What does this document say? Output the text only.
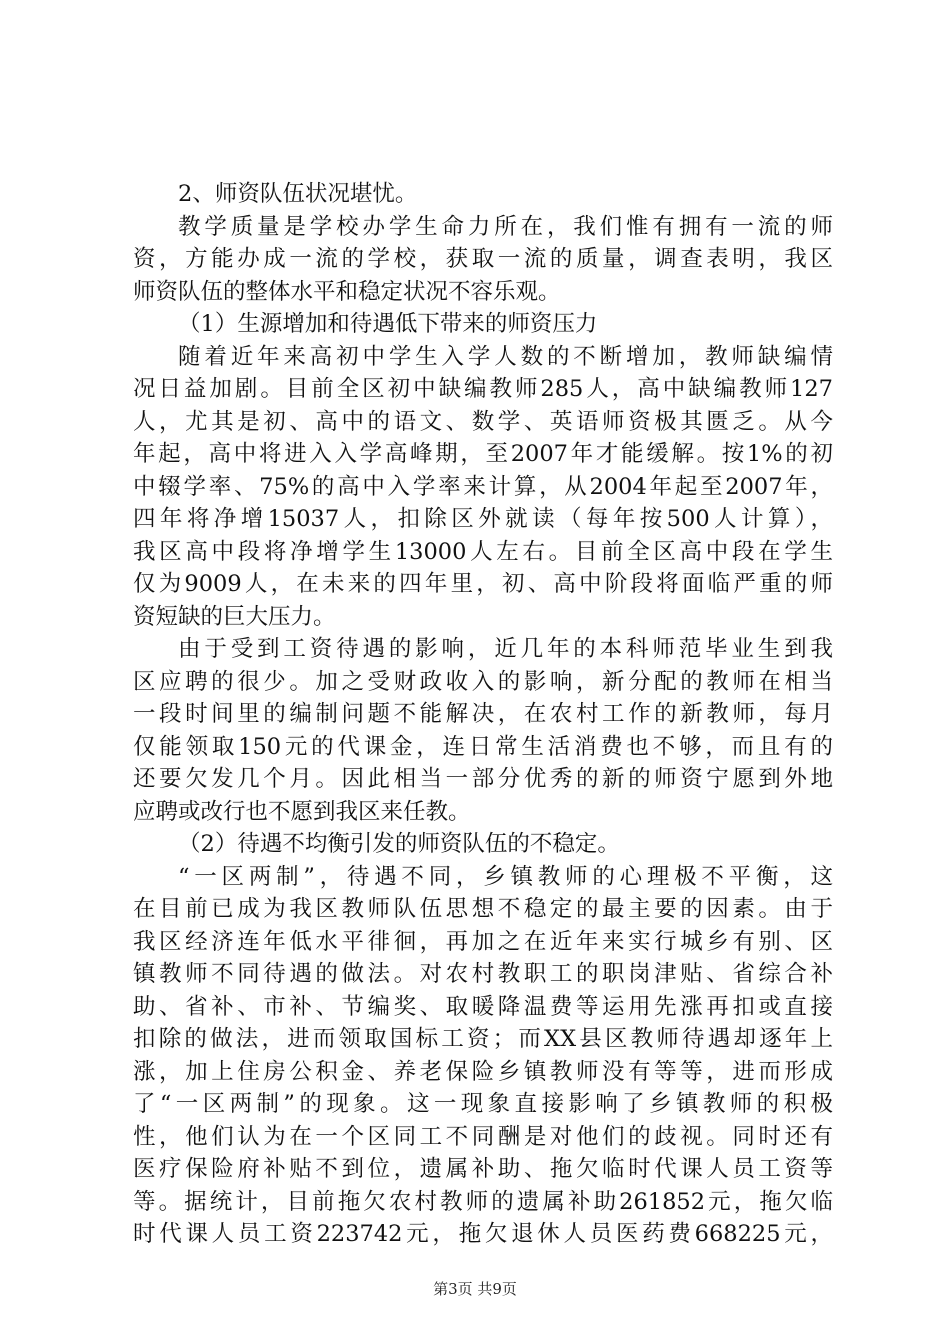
2、师资队伍状况堪忧。
教学质量是学校办学生命力所在，我们惟有拥有一流的师
资，方能办成一流的学校，获取一流的质量，调查表明，我区
师资队伍的整体水平和稳定状况不容乐观。
（1）生源增加和待遇低下带来的师资压力
随着近年来高初中学生入学人数的不断增加，教师缺编情
况日益加剧。目前全区初中缺编教师285人，高中缺编教师127
人，尤其是初、高中的语文、数学、英语师资极其匮乏。从今
年起，高中将进入入学高峰期，至2007年才能缓解。按1%的初
中辍学率、75%的高中入学率来计算，从2004年起至2007年，
四年将净增15037人，扣除区外就读（每年按500人计算），
我区高中段将净增学生13000人左右。目前全区高中段在学生
仅为9009人，在未来的四年里，初、高中阶段将面临严重的师
资短缺的巨大压力。
由于受到工资待遇的影响，近几年的本科师范毕业生到我
区应聘的很少。加之受财政收入的影响，新分配的教师在相当
一段时间里的编制问题不能解决，在农村工作的新教师，每月
仅能领取150元的代课金，连日常生活消费也不够，而且有的
还要欠发几个月。因此相当一部分优秀的新的师资宁愿到外地
应聘或改行也不愿到我区来任教。
（2）待遇不均衡引发的师资队伍的不稳定。
“一区两制”，待遇不同，乡镇教师的心理极不平衡，这
在目前已成为我区教师队伍思想不稳定的最主要的因素。由于
我区经济连年低水平徘徊，再加之在近年来实行城乡有别、区
镇教师不同待遇的做法。对农村教职工的职岗津贴、省综合补
助、省补、市补、节编奖、取暖降温费等运用先涨再扣或直接
扣除的做法，进而领取国标工资；而XX县区教师待遇却逐年上
涨，加上住房公积金、养老保险乡镇教师没有等等，进而形成
了“一区两制”的现象。这一现象直接影响了乡镇教师的积极
性，他们认为在一个区同工不同酬是对他们的歧视。同时还有
医疗保险府补贴不到位，遗属补助、拖欠临时代课人员工资等
等。据统计，目前拖欠农村教师的遗属补助261852元，拖欠临
时代课人员工资223742元，拖欠退休人员医药费668225元，
第3页 共9页
